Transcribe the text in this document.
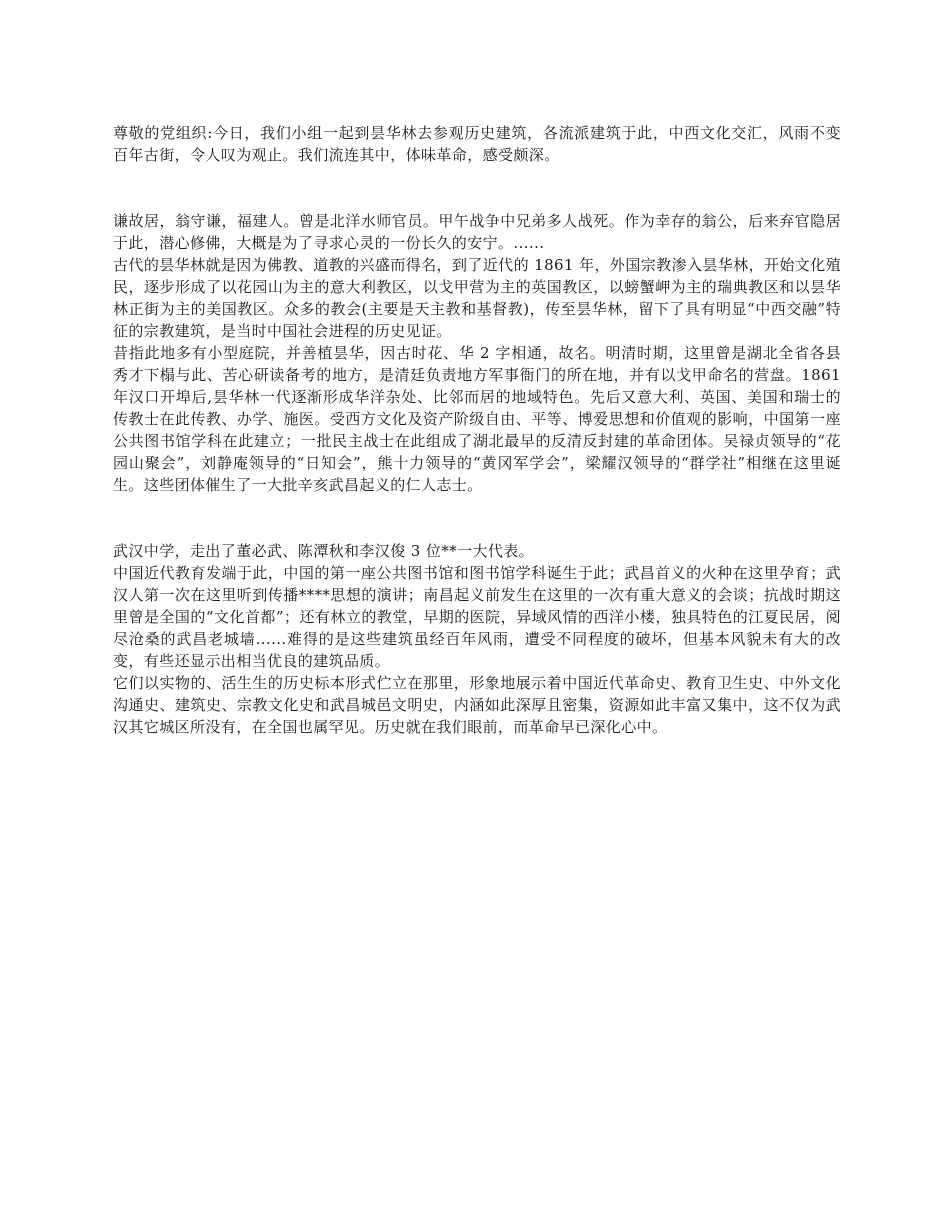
尊敬的党组织:今日，我们小组一起到昙华林去参观历史建筑，各流派建筑于此，中西文化交汇，风雨不变百年古街，令人叹为观止。我们流连其中，体味革命，感受颇深。

谦故居，翁守谦，福建人。曾是北洋水师官员。甲午战争中兄弟多人战死。作为幸存的翁公，后来弃官隐居于此，潜心修佛，大概是为了寻求心灵的一份长久的安宁。......

古代的昙华林就是因为佛教、道教的兴盛而得名，到了近代的 1861 年，外国宗教渗入昙华林，开始文化殖民，逐步形成了以花园山为主的意大利教区，以戈甲营为主的英国教区，以螃蟹岬为主的瑞典教区和以昙华林正街为主的美国教区。众多的教会(主要是天主教和基督教)，传至昙华林，留下了具有明显“中西交融”特征的宗教建筑，是当时中国社会进程的历史见证。

昔指此地多有小型庭院，并善植昙华，因古时花、华 2 字相通，故名。明清时期，这里曾是湖北全省各县秀才下榻与此、苦心研读备考的地方，是清廷负责地方军事衙门的所在地，并有以戈甲命名的营盘。1861 年汉口开埠后,昙华林一代逐渐形成华洋杂处、比邻而居的地域特色。先后又意大利、英国、美国和瑞士的传教士在此传教、办学、施医。受西方文化及资产阶级自由、平等、博爱思想和价值观的影响，中国第一座公共图书馆学科在此建立；一批民主战士在此组成了湖北最早的反清反封建的革命团体。吴禄贞领导的“花园山聚会”，刘静庵领导的“日知会”，熊十力领导的“黄冈军学会”，梁耀汉领导的“群学社”相继在这里诞生。这些团体催生了一大批辛亥武昌起义的仁人志士。

武汉中学，走出了董必武、陈潭秋和李汉俊 3 位**一大代表。

中国近代教育发端于此，中国的第一座公共图书馆和图书馆学科诞生于此；武昌首义的火种在这里孕育；武汉人第一次在这里听到传播****思想的演讲；南昌起义前发生在这里的一次有重大意义的会谈；抗战时期这里曾是全国的“文化首都”；还有林立的教堂，早期的医院，异域风情的西洋小楼，独具特色的江夏民居，阅尽沧桑的武昌老城墙......难得的是这些建筑虽经百年风雨，遭受不同程度的破坏，但基本风貌未有大的改变，有些还显示出相当优良的建筑品质。

它们以实物的、活生生的历史标本形式伫立在那里，形象地展示着中国近代革命史、教育卫生史、中外文化沟通史、建筑史、宗教文化史和武昌城邑文明史，内涵如此深厚且密集，资源如此丰富又集中，这不仅为武汉其它城区所没有，在全国也属罕见。历史就在我们眼前，而革命早已深化心中。
